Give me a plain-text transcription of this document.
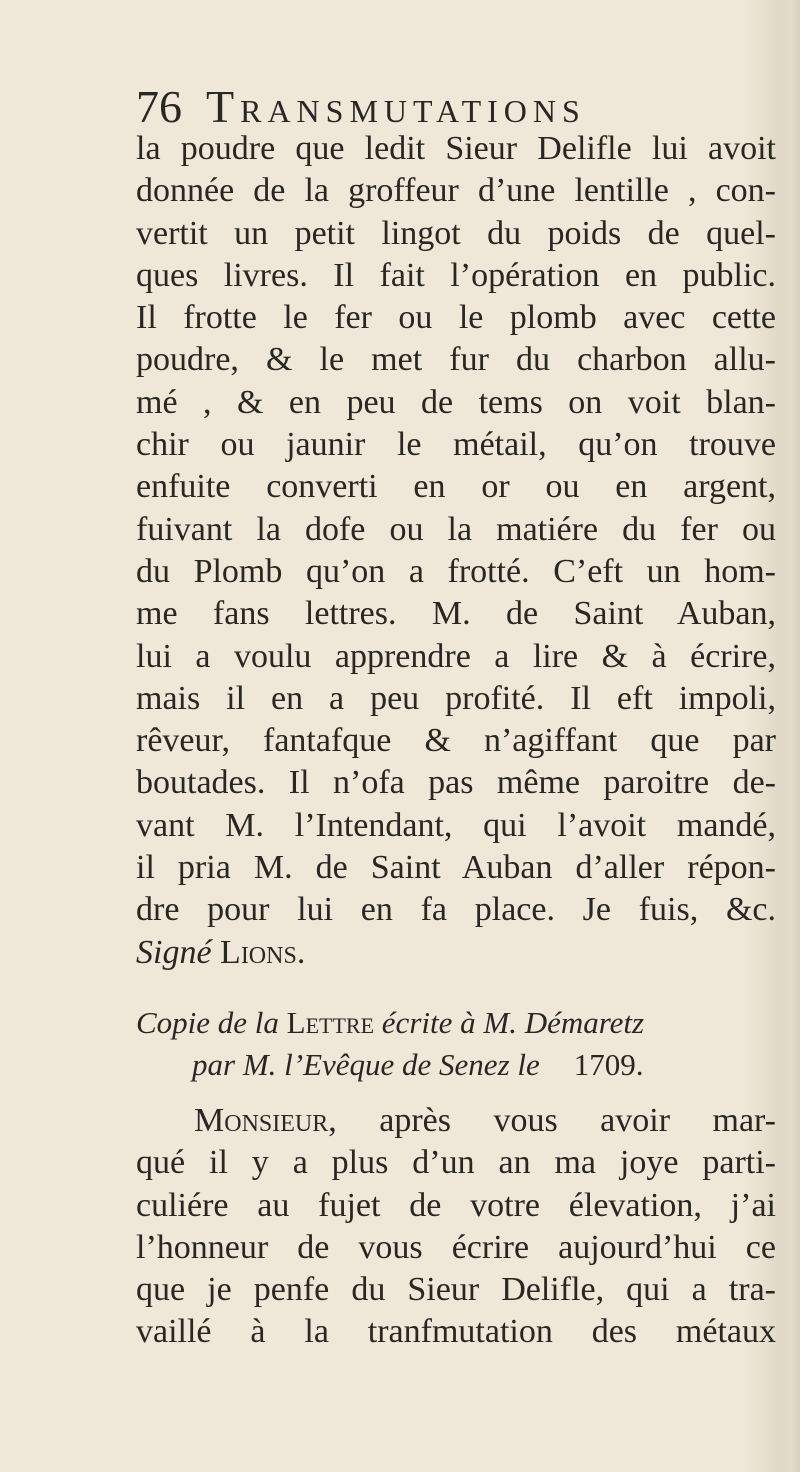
76 Transmutations
la poudre que ledit Sieur Delifle lui avoit
donnée de la groffeur d’une lentille , con-
vertit un petit lingot du poids de quel-
ques livres. Il fait l’opération en public.
Il frotte le fer ou le plomb avec cette
poudre, & le met fur du charbon allu-
mé , & en peu de tems on voit blan-
chir ou jaunir le métail, qu’on trouve
enfuite converti en or ou en argent,
fuivant la dofe ou la matiére du fer ou
du Plomb qu’on a frotté. C’eft un hom-
me fans lettres. M. de Saint Auban,
lui a voulu apprendre a lire & à écrire,
mais il en a peu profité. Il eft impoli,
rêveur, fantafque & n’agiffant que par
boutades. Il n’ofa pas même paroitre de-
vant M. l’Intendant, qui l’avoit mandé,
il pria M. de Saint Auban d’aller répon-
dre pour lui en fa place. Je fuis, &c.
Signé Lions.
Copie de la Lettre écrite à M. Démaretz
par M. l’Evêque de Senez le 1709.
Monsieur, après vous avoir mar-
qué il y a plus d’un an ma joye parti-
culiére au fujet de votre élevation, j’ai
l’honneur de vous écrire aujourd’hui ce
que je penfe du Sieur Delifle, qui a tra-
vaillé à la tranfmutation des métaux
